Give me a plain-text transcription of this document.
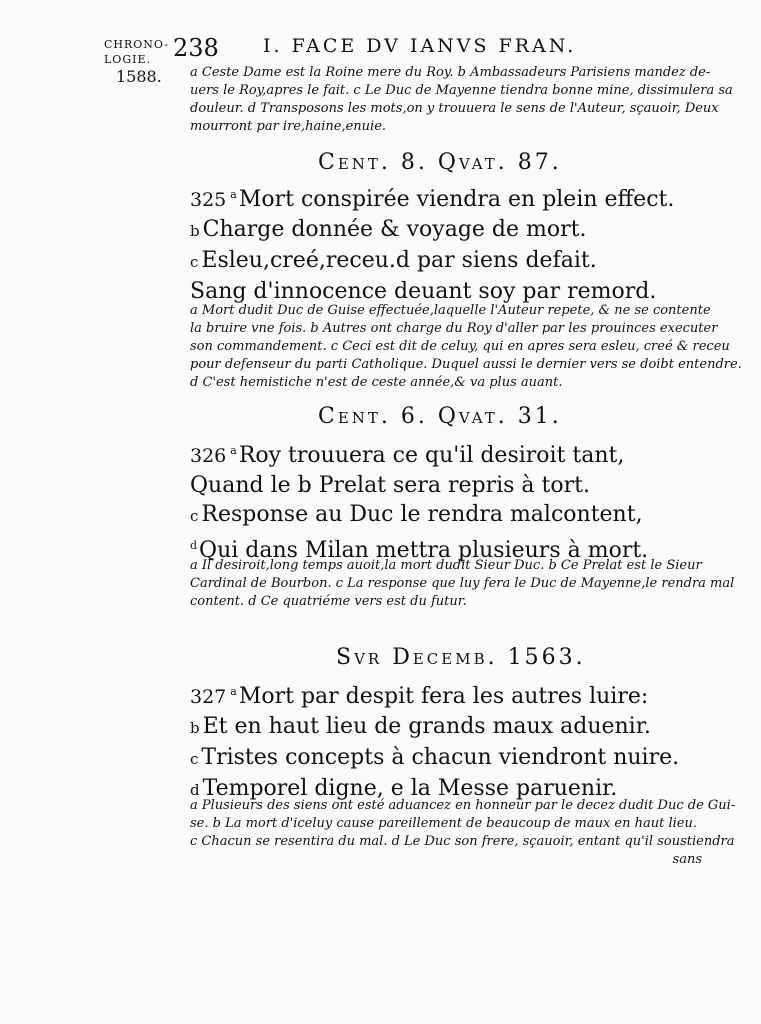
CHRONO-
LOGIE. 238 I. FACE DV IANVS FRAN.
1588. a Ceste Dame est la Roine mere du Roy. b Ambassadeurs Parisiens mandez de-
uers le Roy,apres le fait. c Le Duc de Mayenne tiendra bonne mine, dissimulera sa
douleur. d Transposons les mots,on y trouuera le sens de l'Auteur, sçauoir, Deux
mourront par ire,haine,enuie.
Cent. 8. Qvat. 87.
325 $^a$Mort conspirée viendra en plein effect.
b Charge donnée & voyage de mort.
c Esleu,creé,receu.d par siens defait.
Sang d'innocence deuant soy par remord.
a Mort dudit Duc de Guise effectuée,laquelle l'Auteur repete, & ne se contente
la bruire vne fois. b Autres ont charge du Roy d'aller par les prouinces executer
son commandement. c Ceci est dit de celuy, qui en apres sera esleu, creé & receu
pour defenseur du parti Catholique. Duquel aussi le dernier vers se doibt entendre.
d C'est hemistiche n'est de ceste année,& va plus auant.
Cent. 6. Qvat. 31.
326 $^a$Roy trouuera ce qu'il desiroit tant,
Quand le b Prelat sera repris à tort.
c Responsе au Duc le rendra malcontent,
$^d$Qui dans Milan mettra plusieurs à mort.
a Il desiroit,long temps auoit,la mort dudit Sieur Duc. b Ce Prelat est le Sieur
Cardinal de Bourbon. c La responsе que luy fera le Duc de Mayenne,le rendra mal
content. d Ce quatriéme vers est du futur.
Svr Decemb. 1563.
327 $^a$Mort par despit fera les autres luire:
b Et en haut lieu de grands maux aduenir.
c Tristes concepts à chacun viendront nuire.
d Temporel digne, e la Messe paruenir.
a Plusieurs des siens ont esté aduancez en honneur par le decez dudit Duc de Gui-
se. b La mort d'iceluy causе pareillement de beaucoup de maux en haut lieu.
c Chacun se resentira du mal. d Le Duc son frere, sçauoir, entant qu'il soustiendra
sans
